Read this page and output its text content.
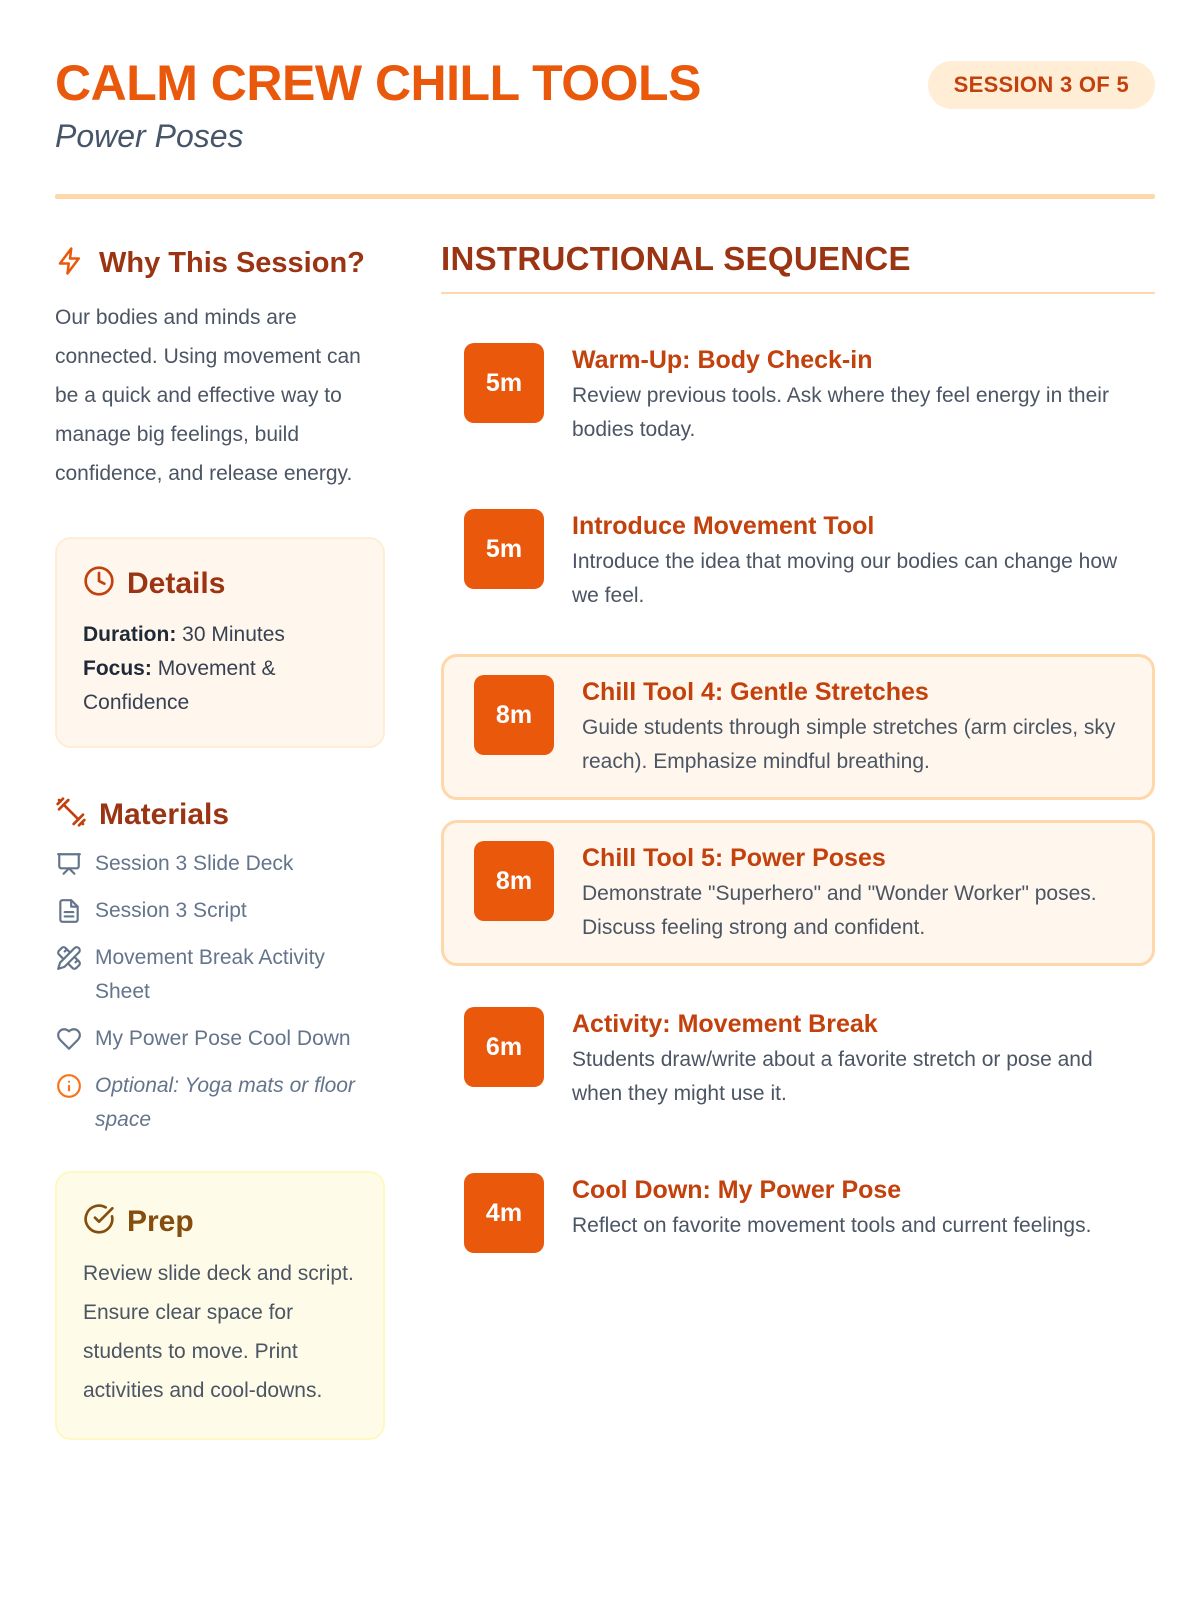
CALM CREW CHILL TOOLS
Power Poses
SESSION 3 OF 5
Why This Session?

Our bodies and minds are connected. Using movement can be a quick and effective way to manage big feelings, build confidence, and release energy.

Details

Duration: 30 Minutes

Focus: Movement & Confidence

Materials
Session 3 Slide Deck
Session 3 Script
Movement Break Activity Sheet
My Power Pose Cool Down
Optional: Yoga mats or floor space
Prep

Review slide deck and script. Ensure clear space for students to move. Print activities and cool-downs.

INSTRUCTIONAL SEQUENCE
5m
Warm-Up: Body Check-in

Review previous tools. Ask where they feel energy in their bodies today.

5m
Introduce Movement Tool

Introduce the idea that moving our bodies can change how we feel.

8m
Chill Tool 4: Gentle Stretches

Guide students through simple stretches (arm circles, sky reach). Emphasize mindful breathing.

8m
Chill Tool 5: Power Poses

Demonstrate "Superhero" and "Wonder Worker" poses. Discuss feeling strong and confident.

6m
Activity: Movement Break

Students draw/write about a favorite stretch or pose and when they might use it.

4m
Cool Down: My Power Pose

Reflect on favorite movement tools and current feelings.
